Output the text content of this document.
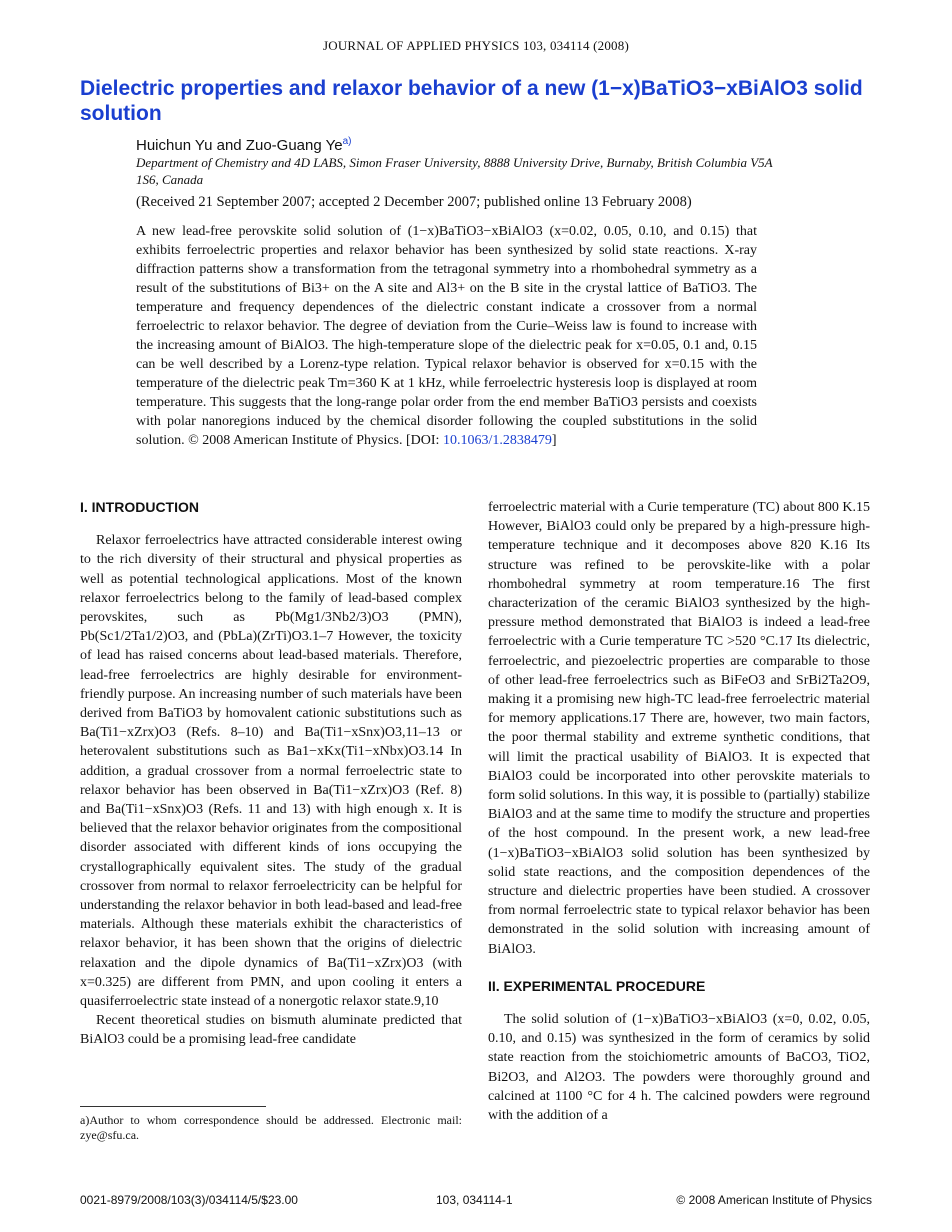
JOURNAL OF APPLIED PHYSICS 103, 034114 (2008)
Dielectric properties and relaxor behavior of a new (1−x)BaTiO3−xBiAlO3 solid solution
Huichun Yu and Zuo-Guang Ye$^{a)}$
Department of Chemistry and 4D LABS, Simon Fraser University, 8888 University Drive, Burnaby, British Columbia V5A 1S6, Canada
(Received 21 September 2007; accepted 2 December 2007; published online 13 February 2008)
A new lead-free perovskite solid solution of (1−x)BaTiO3−xBiAlO3 (x=0.02, 0.05, 0.10, and 0.15) that exhibits ferroelectric properties and relaxor behavior has been synthesized by solid state reactions. X-ray diffraction patterns show a transformation from the tetragonal symmetry into a rhombohedral symmetry as a result of the substitutions of Bi3+ on the A site and Al3+ on the B site in the crystal lattice of BaTiO3. The temperature and frequency dependences of the dielectric constant indicate a crossover from a normal ferroelectric to relaxor behavior. The degree of deviation from the Curie–Weiss law is found to increase with the increasing amount of BiAlO3. The high-temperature slope of the dielectric peak for x=0.05, 0.1 and, 0.15 can be well described by a Lorenz-type relation. Typical relaxor behavior is observed for x=0.15 with the temperature of the dielectric peak Tm=360 K at 1 kHz, while ferroelectric hysteresis loop is displayed at room temperature. This suggests that the long-range polar order from the end member BaTiO3 persists and coexists with polar nanoregions induced by the chemical disorder following the coupled substitutions in the solid solution. © 2008 American Institute of Physics. [DOI: 10.1063/1.2838479]
I. INTRODUCTION

Relaxor ferroelectrics have attracted considerable interest owing to the rich diversity of their structural and physical properties as well as potential technological applications. Most of the known relaxor ferroelectrics belong to the family of lead-based complex perovskites, such as Pb(Mg1/3Nb2/3)O3 (PMN), Pb(Sc1/2Ta1/2)O3, and (PbLa)(ZrTi)O3.1–7 However, the toxicity of lead has raised concerns about lead-based materials. Therefore, lead-free ferroelectrics are highly desirable for environment-friendly purpose. An increasing number of such materials have been derived from BaTiO3 by homovalent cationic substitutions such as Ba(Ti1−xZrx)O3 (Refs. 8–10) and Ba(Ti1−xSnx)O3,11–13 or heterovalent substitutions such as Ba1−xKx(Ti1−xNbx)O3.14 In addition, a gradual crossover from a normal ferroelectric state to relaxor behavior has been observed in Ba(Ti1−xZrx)O3 (Ref. 8) and Ba(Ti1−xSnx)O3 (Refs. 11 and 13) with high enough x. It is believed that the relaxor behavior originates from the compositional disorder associated with different kinds of ions occupying the crystallographically equivalent sites. The study of the gradual crossover from normal to relaxor ferroelectricity can be helpful for understanding the relaxor behavior in both lead-based and lead-free materials. Although these materials exhibit the characteristics of relaxor behavior, it has been shown that the origins of dielectric relaxation and the dipole dynamics of Ba(Ti1−xZrx)O3 (with x=0.325) are different from PMN, and upon cooling it enters a quasiferroelectric state instead of a nonergotic relaxor state.9,10

Recent theoretical studies on bismuth aluminate predicted that BiAlO3 could be a promising lead-free candidate

ferroelectric material with a Curie temperature (TC) about 800 K.15 However, BiAlO3 could only be prepared by a high-pressure high-temperature technique and it decomposes above 820 K.16 Its structure was refined to be perovskite-like with a polar rhombohedral symmetry at room temperature.16 The first characterization of the ceramic BiAlO3 synthesized by the high-pressure method demonstrated that BiAlO3 is indeed a lead-free ferroelectric with a Curie temperature TC >520 °C.17 Its dielectric, ferroelectric, and piezoelectric properties are comparable to those of other lead-free ferroelectrics such as BiFeO3 and SrBi2Ta2O9, making it a promising new high-TC lead-free ferroelectric material for memory applications.17 There are, however, two main factors, the poor thermal stability and extreme synthetic conditions, that will limit the practical usability of BiAlO3. It is expected that BiAlO3 could be incorporated into other perovskite materials to form solid solutions. In this way, it is possible to (partially) stabilize BiAlO3 and at the same time to modify the structure and properties of the host compound. In the present work, a new lead-free (1−x)BaTiO3−xBiAlO3 solid solution has been synthesized by solid state reactions, and the composition dependences of the structure and dielectric properties have been studied. A crossover from normal ferroelectric state to typical relaxor behavior has been demonstrated in the solid solution with increasing amount of BiAlO3.

II. EXPERIMENTAL PROCEDURE

The solid solution of (1−x)BaTiO3−xBiAlO3 (x=0, 0.02, 0.05, 0.10, and 0.15) was synthesized in the form of ceramics by solid state reaction from the stoichiometric amounts of BaCO3, TiO2, Bi2O3, and Al2O3. The powders were thoroughly ground and calcined at 1100 °C for 4 h. The calcined powders were reground with the addition of a

a)Author to whom correspondence should be addressed. Electronic mail: zye@sfu.ca.
0021-8979/2008/103(3)/034114/5/$23.00	103, 034114-1	© 2008 American Institute of Physics
